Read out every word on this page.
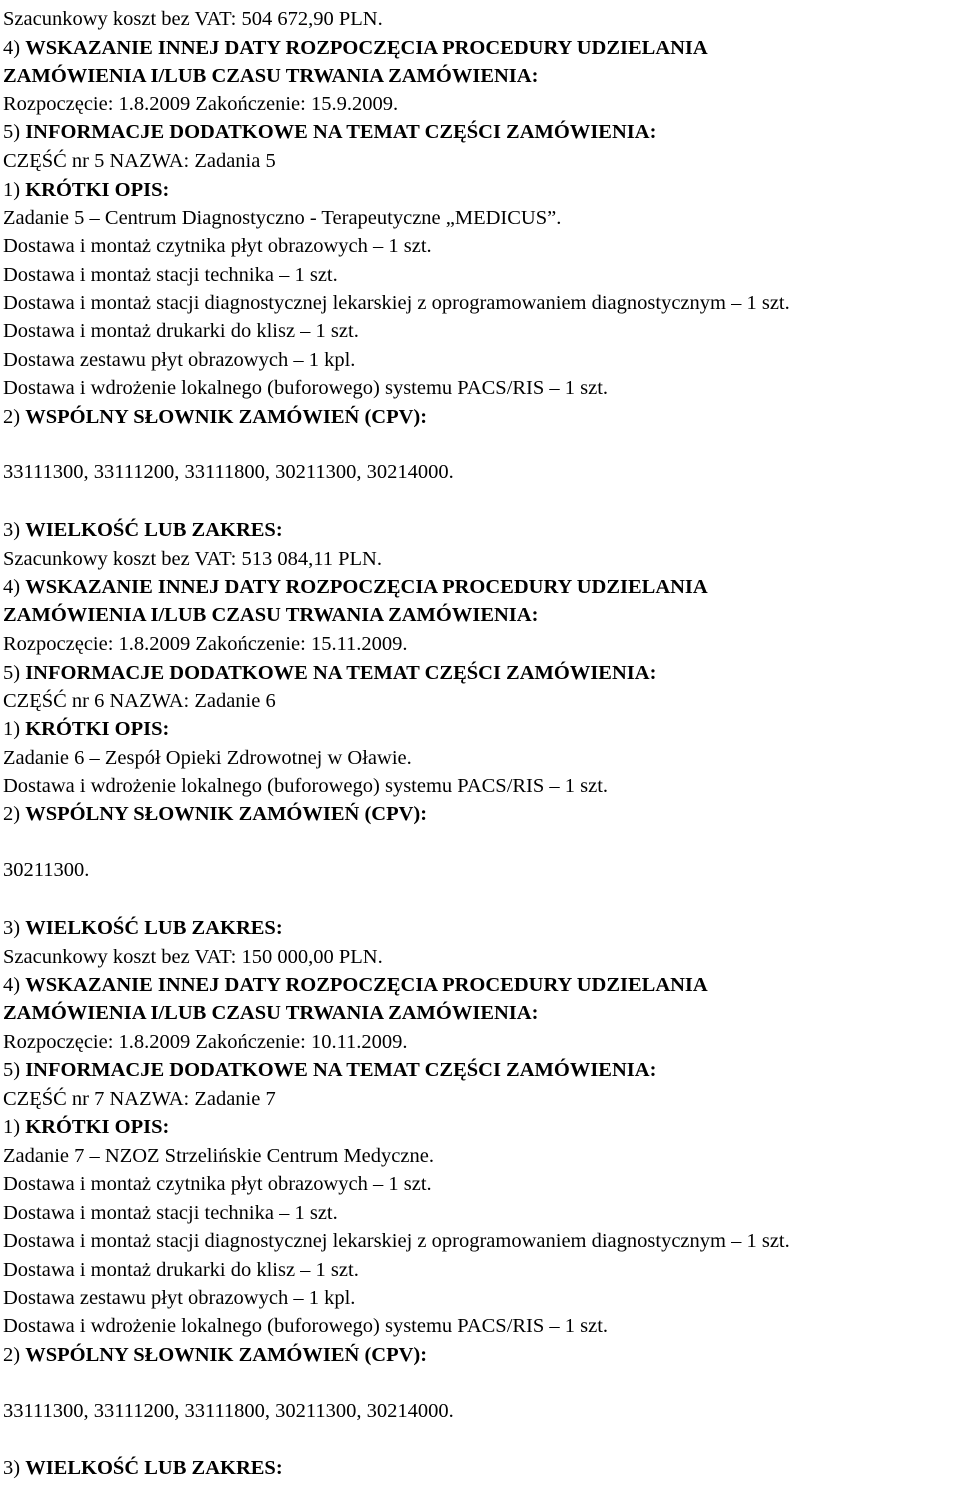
Szacunkowy koszt bez VAT: 504 672,90 PLN.
4) WSKAZANIE INNEJ DATY ROZPOCZĘCIA PROCEDURY UDZIELANIA
ZAMÓWIENIA I/LUB CZASU TRWANIA ZAMÓWIENIA:
Rozpoczęcie: 1.8.2009 Zakończenie: 15.9.2009.
5) INFORMACJE DODATKOWE NA TEMAT CZĘŚCI ZAMÓWIENIA:
CZĘŚĆ nr 5 NAZWA: Zadania 5
1) KRÓTKI OPIS:
Zadanie 5 – Centrum Diagnostyczno - Terapeutyczne „MEDICUS”.
Dostawa i montaż czytnika płyt obrazowych – 1 szt.
Dostawa i montaż stacji technika – 1 szt.
Dostawa i montaż stacji diagnostycznej lekarskiej z oprogramowaniem diagnostycznym – 1 szt.
Dostawa i montaż drukarki do klisz – 1 szt.
Dostawa zestawu płyt obrazowych – 1 kpl.
Dostawa i wdrożenie lokalnego (buforowego) systemu PACS/RIS – 1 szt.
2) WSPÓLNY SŁOWNIK ZAMÓWIEŃ (CPV):
33111300, 33111200, 33111800, 30211300, 30214000.
3) WIELKOŚĆ LUB ZAKRES:
Szacunkowy koszt bez VAT: 513 084,11 PLN.
4) WSKAZANIE INNEJ DATY ROZPOCZĘCIA PROCEDURY UDZIELANIA
ZAMÓWIENIA I/LUB CZASU TRWANIA ZAMÓWIENIA:
Rozpoczęcie: 1.8.2009 Zakończenie: 15.11.2009.
5) INFORMACJE DODATKOWE NA TEMAT CZĘŚCI ZAMÓWIENIA:
CZĘŚĆ nr 6 NAZWA: Zadanie 6
1) KRÓTKI OPIS:
Zadanie 6 – Zespół Opieki Zdrowotnej w Oławie.
Dostawa i wdrożenie lokalnego (buforowego) systemu PACS/RIS – 1 szt.
2) WSPÓLNY SŁOWNIK ZAMÓWIEŃ (CPV):
30211300.
3) WIELKOŚĆ LUB ZAKRES:
Szacunkowy koszt bez VAT: 150 000,00 PLN.
4) WSKAZANIE INNEJ DATY ROZPOCZĘCIA PROCEDURY UDZIELANIA
ZAMÓWIENIA I/LUB CZASU TRWANIA ZAMÓWIENIA:
Rozpoczęcie: 1.8.2009 Zakończenie: 10.11.2009.
5) INFORMACJE DODATKOWE NA TEMAT CZĘŚCI ZAMÓWIENIA:
CZĘŚĆ nr 7 NAZWA: Zadanie 7
1) KRÓTKI OPIS:
Zadanie 7 – NZOZ Strzelińskie Centrum Medyczne.
Dostawa i montaż czytnika płyt obrazowych – 1 szt.
Dostawa i montaż stacji technika – 1 szt.
Dostawa i montaż stacji diagnostycznej lekarskiej z oprogramowaniem diagnostycznym – 1 szt.
Dostawa i montaż drukarki do klisz – 1 szt.
Dostawa zestawu płyt obrazowych – 1 kpl.
Dostawa i wdrożenie lokalnego (buforowego) systemu PACS/RIS – 1 szt.
2) WSPÓLNY SŁOWNIK ZAMÓWIEŃ (CPV):
33111300, 33111200, 33111800, 30211300, 30214000.
3) WIELKOŚĆ LUB ZAKRES:
